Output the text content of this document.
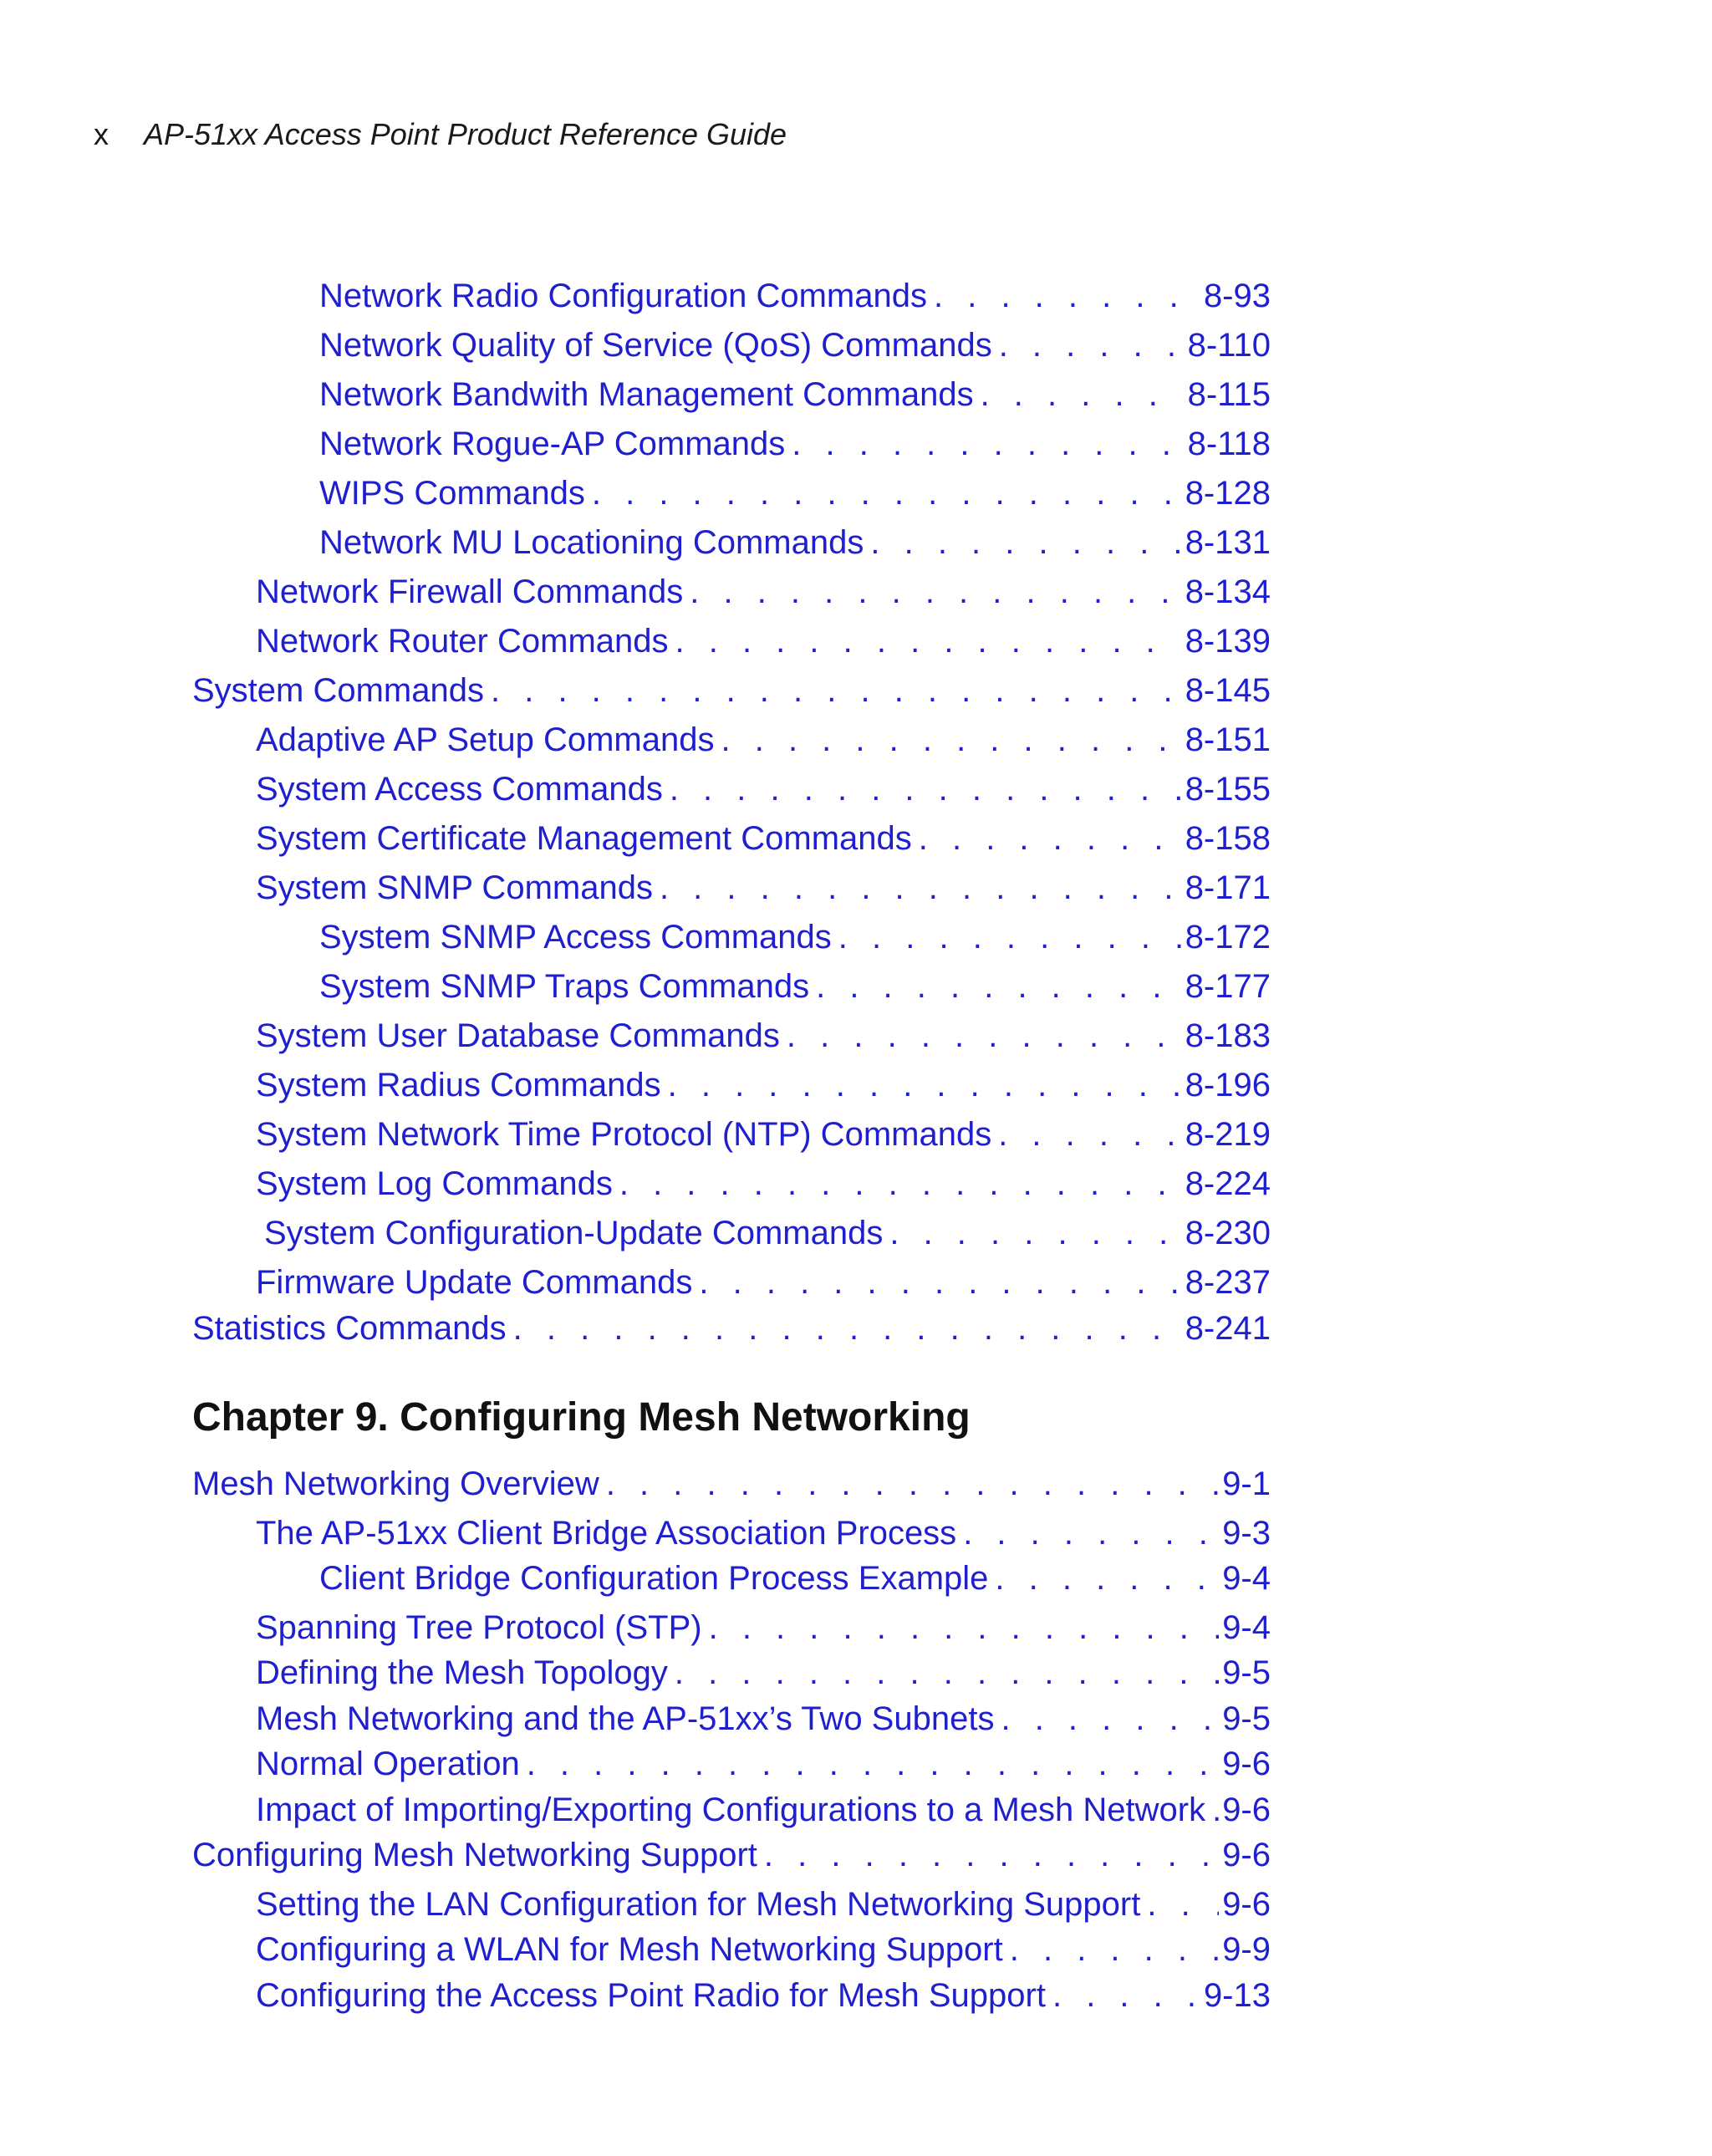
x AP-51xx Access Point Product Reference Guide
Network Radio Configuration Commands . . .	8-93
Network Quality of Service (QoS) Commands . . .	8-110
Network Bandwith Management Commands . . .	8-115
Network Rogue-AP Commands . . .	8-118
WIPS Commands . . .	8-128
Network MU Locationing Commands . . .	8-131
Network Firewall Commands . . .	8-134
Network Router Commands . . .	8-139
System Commands . . .	8-145
Adaptive AP Setup Commands . . .	8-151
System Access Commands . . .	8-155
System Certificate Management Commands . . .	8-158
System SNMP Commands . . .	8-171
System SNMP Access Commands . . .	8-172
System SNMP Traps Commands . . .	8-177
System User Database Commands . . .	8-183
System Radius Commands . . .	8-196
System Network Time Protocol (NTP) Commands . . .	8-219
System Log Commands . . .	8-224
System Configuration-Update Commands . . .	8-230
Firmware Update Commands . . .	8-237
Statistics Commands . . .	8-241
Chapter 9. Configuring Mesh Networking
Mesh Networking Overview . . .	9-1
The AP-51xx Client Bridge Association Process . . .	9-3
Client Bridge Configuration Process Example . . .	9-4
Spanning Tree Protocol (STP) . . .	9-4
Defining the Mesh Topology . . .	9-5
Mesh Networking and the AP-51xx’s Two Subnets . . .	9-5
Normal Operation . . .	9-6
Impact of Importing/Exporting Configurations to a Mesh Network . . . 9-6
Configuring Mesh Networking Support . . .	9-6
Setting the LAN Configuration for Mesh Networking Support . . . 9-6
Configuring a WLAN for Mesh Networking Support . . .	9-9
Configuring the Access Point Radio for Mesh Support . . .	9-13
